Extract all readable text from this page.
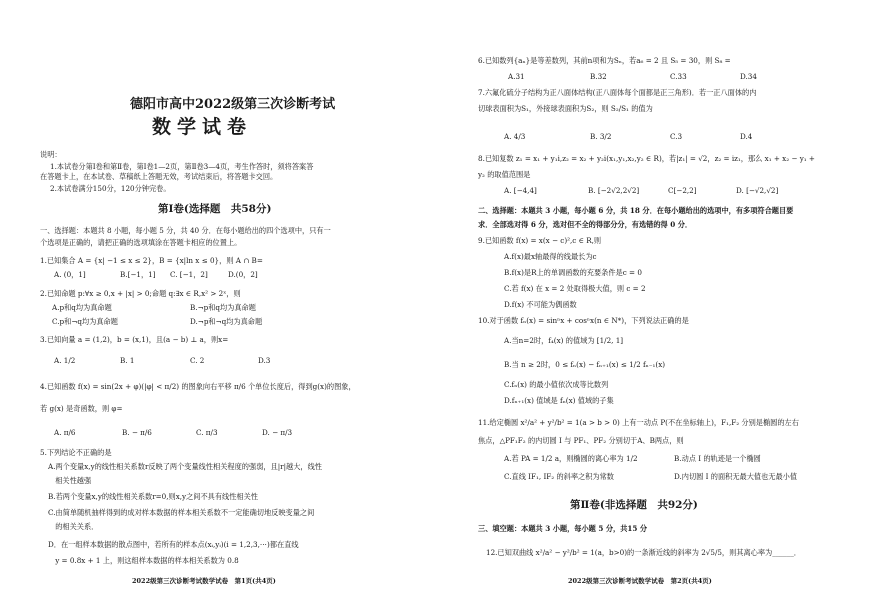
德阳市高中2022级第三次诊断考试
数学试卷
说明：
1.本试卷分第Ⅰ卷和第Ⅱ卷，第Ⅰ卷1—2页，第Ⅱ卷3—4页，考生作答时，须将答案答
在答题卡上，在本试卷、草稿纸上答题无效，考试结束后，将答题卡交回。
2.本试卷满分150分，120分钟完卷。
第Ⅰ卷(选择题　共58分)
一、选择题：本题共 8 小题，每小题 5 分，共 40 分．在每小题给出的四个选项中，只有一
个选项是正确的，请把正确的选项填涂在答题卡相应的位置上。
1.已知集合 A = {x| −1 ≤ x ≤ 2}，B = {x|ln x ≤ 0}，则 A ∩ B=
A. (0，1]	B.[−1，1] C. [−1，2]	D.(0，2]
2.已知命题 p:∀x ≥ 0,x + |x| > 0;命题 q:∃x ∈ R,x² > 2ˣ，则
A.p和q均为真命题	B.¬p和q均为真命题
C.p和¬q均为真命题	D.¬p和¬q均为真命题
3.已知向量 a = (1,2)，b = (x,1)，且(a − b) ⊥ a，则x=
A. 1/2	B. 1	C. 2	D.3
4.已知函数 f(x) = sin(2x + φ)(|φ| < π/2) 的图象向右平移 π/6 个单位长度后，得到g(x)的图象，
若 g(x) 是奇函数，则 φ=
A. π/6	B. − π/6	C. π/3	D. − π/3
5.下列结论不正确的是
A.两个变量x,y的线性相关系数r反映了两个变量线性相关程度的强弱，且|r|越大，线性
　相关性越强
B.若两个变量x,y的线性相关系数r=0,则x,y之间不具有线性相关性
C.由简单随机抽样得到的成对样本数据的样本相关系数不一定能确切地反映变量之间
　的相关关系．
D．在一组样本数据的散点图中，若所有的样本点(xᵢ,yᵢ)(i = 1,2,3,⋯)都在直线
　y = 0.8x + 1 上，则这组样本数据的样本相关系数为 0.8
2022级第三次诊断考试数学试卷　第1页(共4页)
6.已知数列{aₙ}是等差数列，其前n项和为Sₙ，若a₆ = 2 且 S₅ = 30，则 S₈ =
A.31	B.32	C.33	D.34
7.六氟化硫分子结构为正八面体结构(正八面体每个面都是正三角形)．若一正八面体的内
切球表面积为S₁，外接球表面积为S₂，则 S₂/S₁ 的值为
A. 4/3	B. 3/2	C.3	D.4
8.已知复数 z₁ = x₁ + y₁i,z₂ = x₂ + y₂i(x₁,y₁,x₂,y₂ ∈ R)，若|z₁| = √2，z₂ = iz₁，那么 x₁ + x₂ − y₁ +
y₂ 的取值范围是
A. [−4,4]	B. [−2√2,2√2]	C[−2,2]	D. [−√2,√2]
二、选择题：本题共 3 小题，每小题 6 分，共 18 分．在每小题给出的选项中，有多项符合题目要
求．全部选对得 6 分，选对但不全的得部分分，有选错的得 0 分．
9.已知函数 f(x) = x(x − c)²,c ∈ R,则
A.f(x)最x轴最得的线最长为c
B.f(x)是R上的单调函数的充要条件是c = 0
C.若 f(x) 在 x = 2 处取得极大值，则 c = 2
D.f(x) 不可能为偶函数
10.对于函数 fₙ(x) = sinⁿx + cosⁿx(n ∈ N*)，下列说法正确的是
A.当n=2时，f₄(x) 的值域为 [1/2, 1]
B.当 n ≥ 2时，0 ≤ fₙ(x) − fₙ₊₁(x) ≤ 1/2 fₙ₋₁(x)
C.fₙ(x) 的最小值依次成等比数列
D.fₙ₊₁(x) 值域是 fₙ(x) 值域的子集
11.给定椭圆 x²/a² + y²/b² = 1(a > b > 0) 上有一动点 P(不在坐标轴上)，F₁,F₂ 分别是椭圆的左右
焦点，△PF₁F₂ 的内切圆 I 与 PF₁、PF₂ 分别切于A、B两点，则
A.若 PA = 1/2 a，则椭圆的离心率为 1/2	B.动点 I 的轨迹是一个椭圆
C.直线 IF₁, IF₂ 的斜率之积为常数	D.内切圆 I 的面积无最大值也无最小值
第Ⅱ卷(非选择题　共92分)
三、填空题：本题共 3 小题，每小题 5 分，共15 分
12.已知双曲线 x²/a² − y²/b² = 1(a，b>0)的一条渐近线的斜率为 2√5/5，则其离心率为______．
2022级第三次诊断考试数学试卷　第2页(共4页)
